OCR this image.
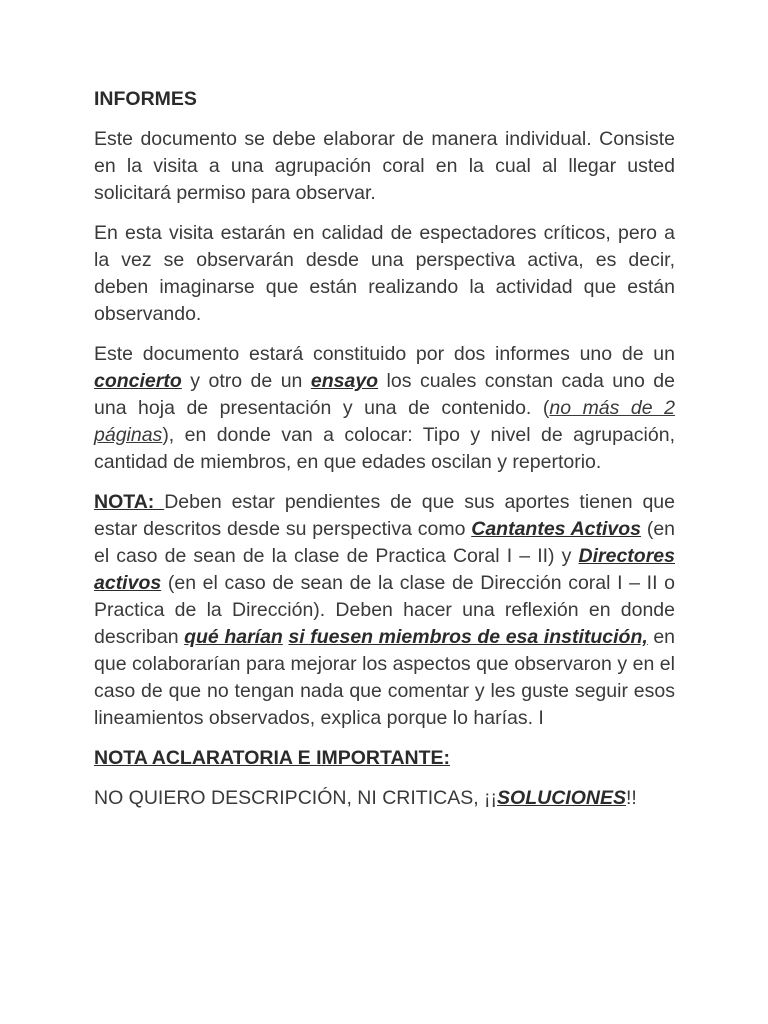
INFORMES

Este documento se debe elaborar de manera individual. Consiste en la visita a una agrupación coral en la cual al llegar usted solicitará permiso para observar.

En esta visita estarán en calidad de espectadores críticos, pero a la vez se observarán desde una perspectiva activa, es decir, deben imaginarse que están realizando la actividad que están observando.

Este documento estará constituido por dos informes uno de un concierto y otro de un ensayo los cuales constan cada uno de una hoja de presentación y una de contenido. (no más de 2 páginas), en donde van a colocar: Tipo y nivel de agrupación, cantidad de miembros, en que edades oscilan y repertorio.

NOTA: Deben estar pendientes de que sus aportes tienen que estar descritos desde su perspectiva como Cantantes Activos (en el caso de sean de la clase de Practica Coral I – II) y Directores activos (en el caso de sean de la clase de Dirección coral I – II o Practica de la Dirección). Deben hacer una reflexión en donde describan qué harían si fuesen miembros de esa institución, en que colaborarían para mejorar los aspectos que observaron y en el caso de que no tengan nada que comentar y les guste seguir esos lineamientos observados, explica porque lo harías. I

NOTA ACLARATORIA E IMPORTANTE:

NO QUIERO DESCRIPCIÓN, NI CRITICAS, ¡¡SOLUCIONES!!
